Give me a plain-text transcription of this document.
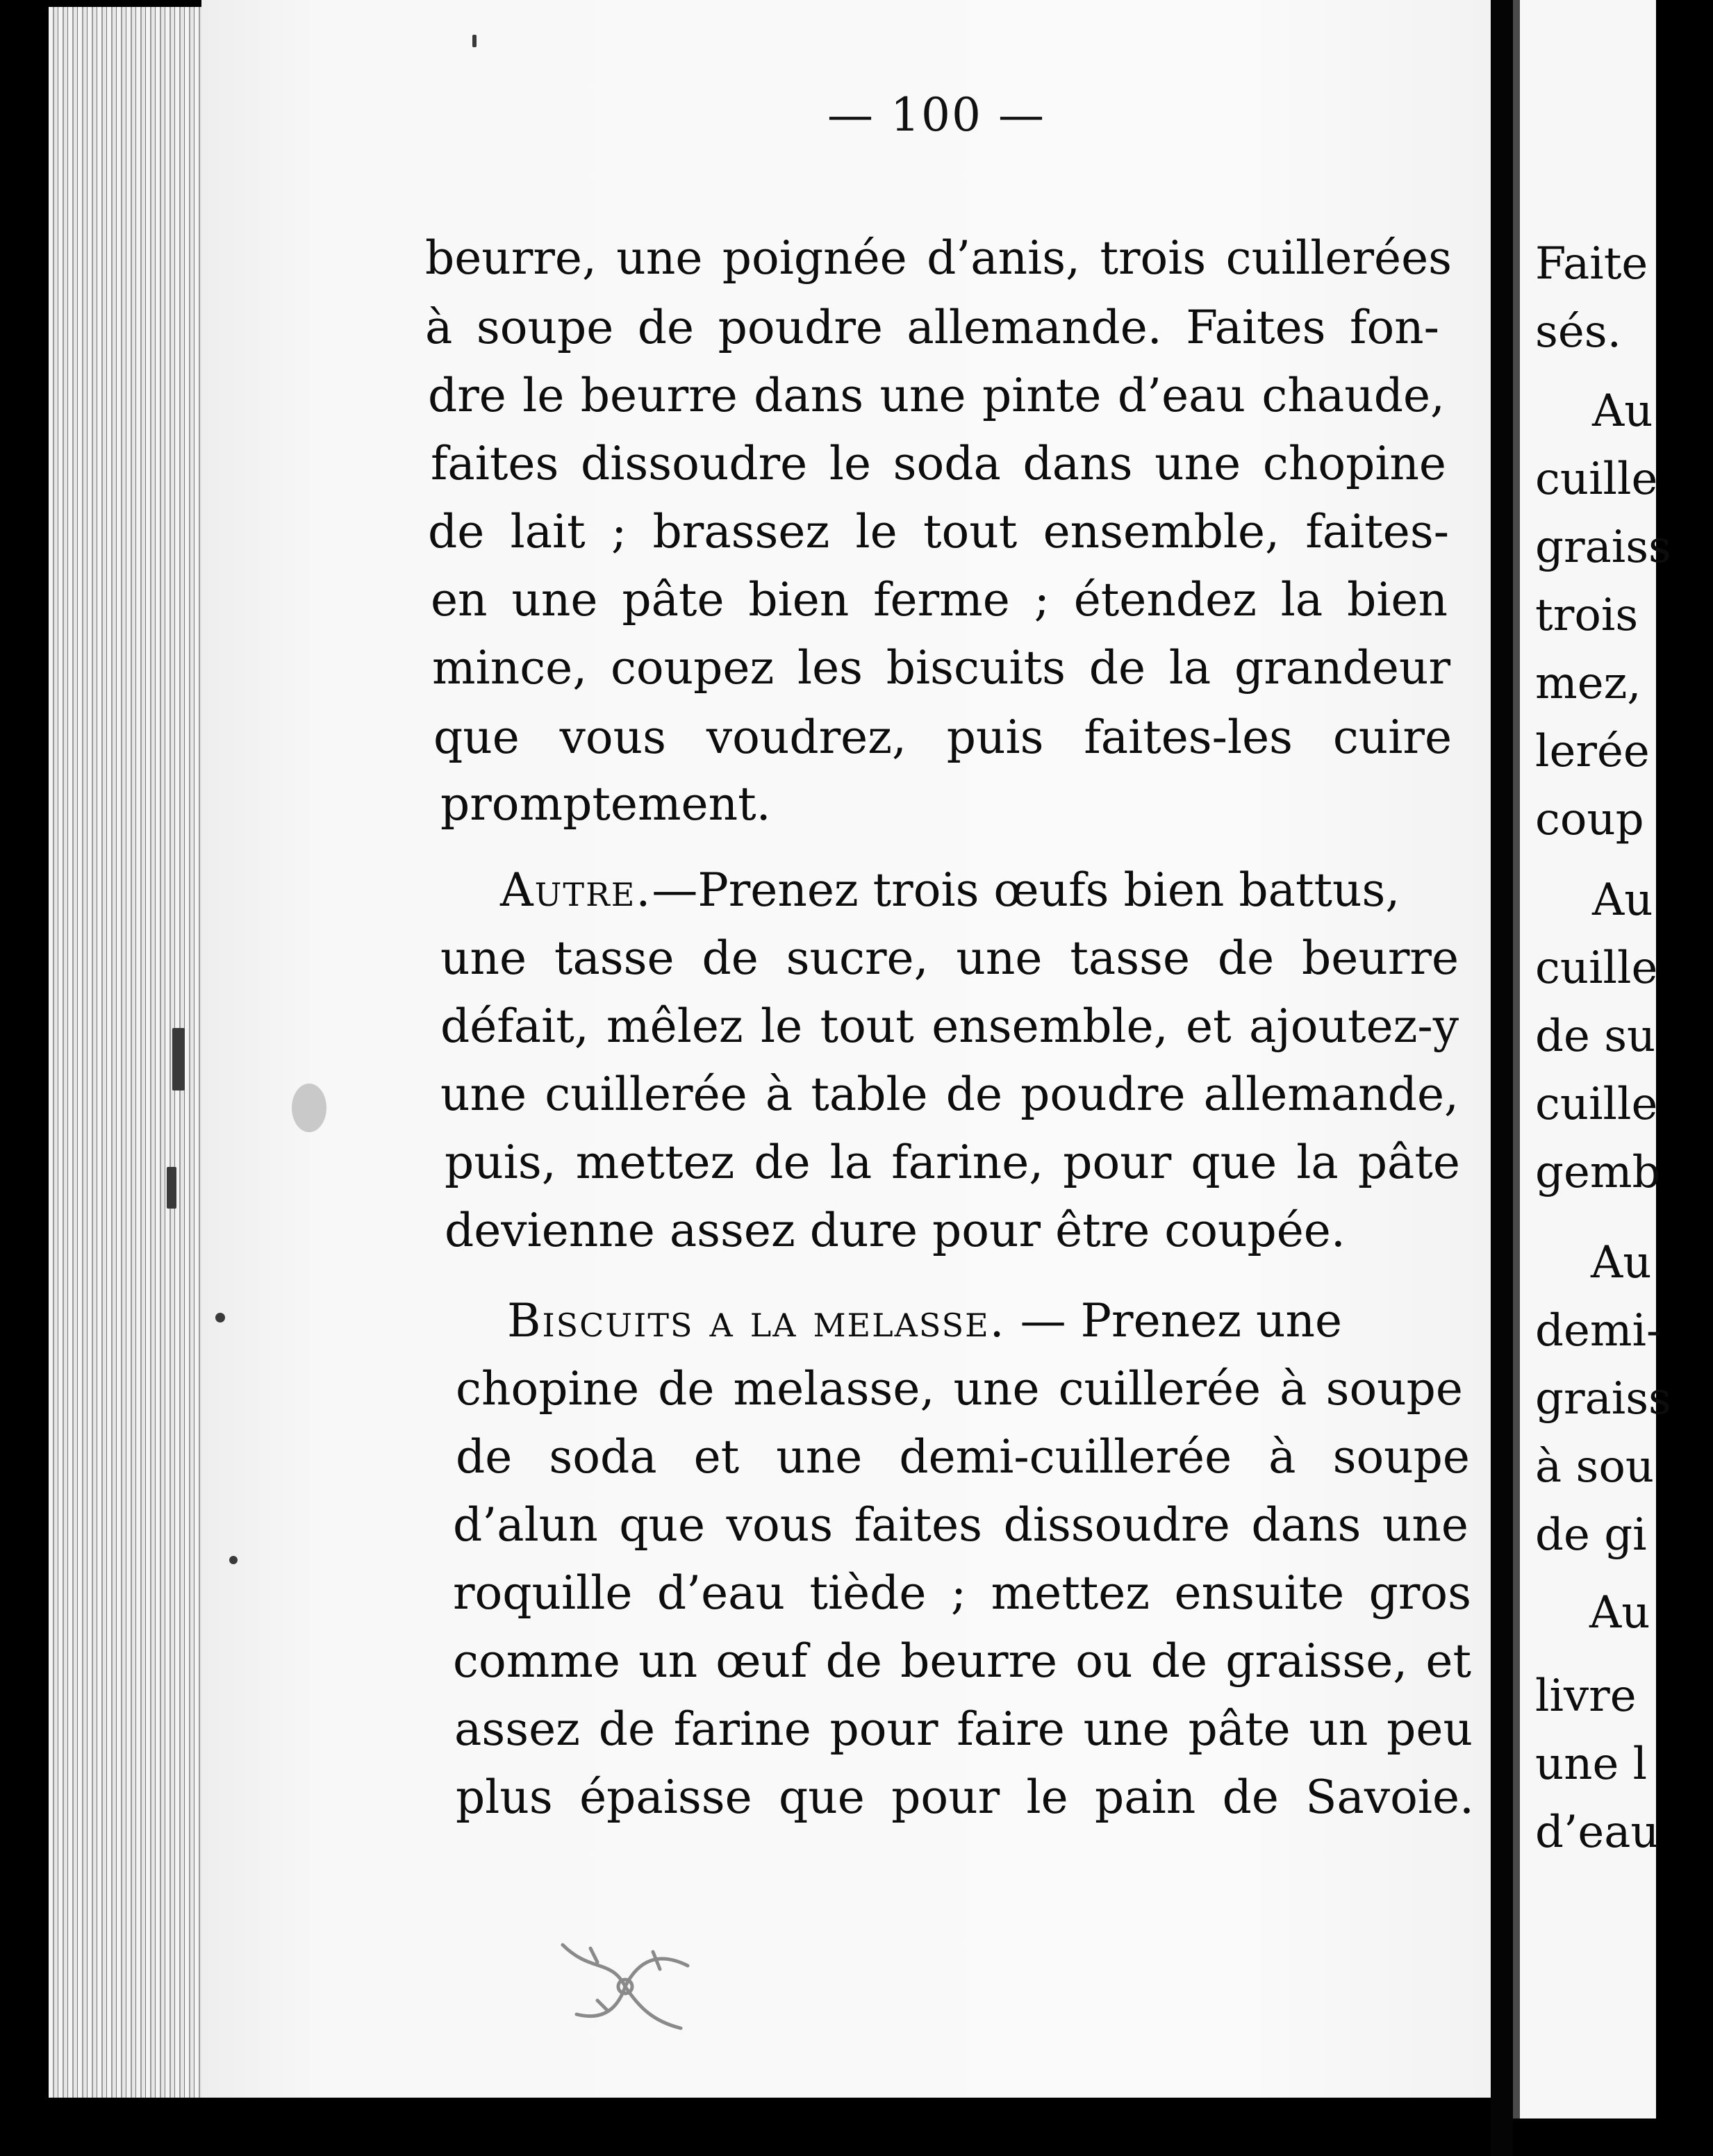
— 100 —
beurre, une poignée d’anis, trois cuillerées
à soupe de poudre allemande. Faites fon-
dre le beurre dans une pinte d’eau chaude,
faites dissoudre le soda dans une chopine
de lait ; brassez le tout ensemble, faites-
en une pâte bien ferme ; étendez la bien
mince, coupez les biscuits de la grandeur
que vous voudrez, puis faites-les cuire
promptement.
Autre.—Prenez trois œufs bien battus,
une tasse de sucre, une tasse de beurre
défait, mêlez le tout ensemble, et ajoutez-y
une cuillerée à table de poudre allemande,
puis, mettez de la farine, pour que la pâte
devienne assez dure pour être coupée.
Biscuits a la melasse. — Prenez une
chopine de melasse, une cuillerée à soupe
de soda et une demi-cuillerée à soupe
d’alun que vous faites dissoudre dans une
roquille d’eau tiède ; mettez ensuite gros
comme un œuf de beurre ou de graisse, et
assez de farine pour faire une pâte un peu
plus épaisse que pour le pain de Savoie.
Faite
sés.
Au
cuille
graiss
trois
mez,
lerée
coup
Au
cuille
de su
cuille
gemb
Au
demi-
graiss
à sou
de gi
Au
livre
une l
d’eau
